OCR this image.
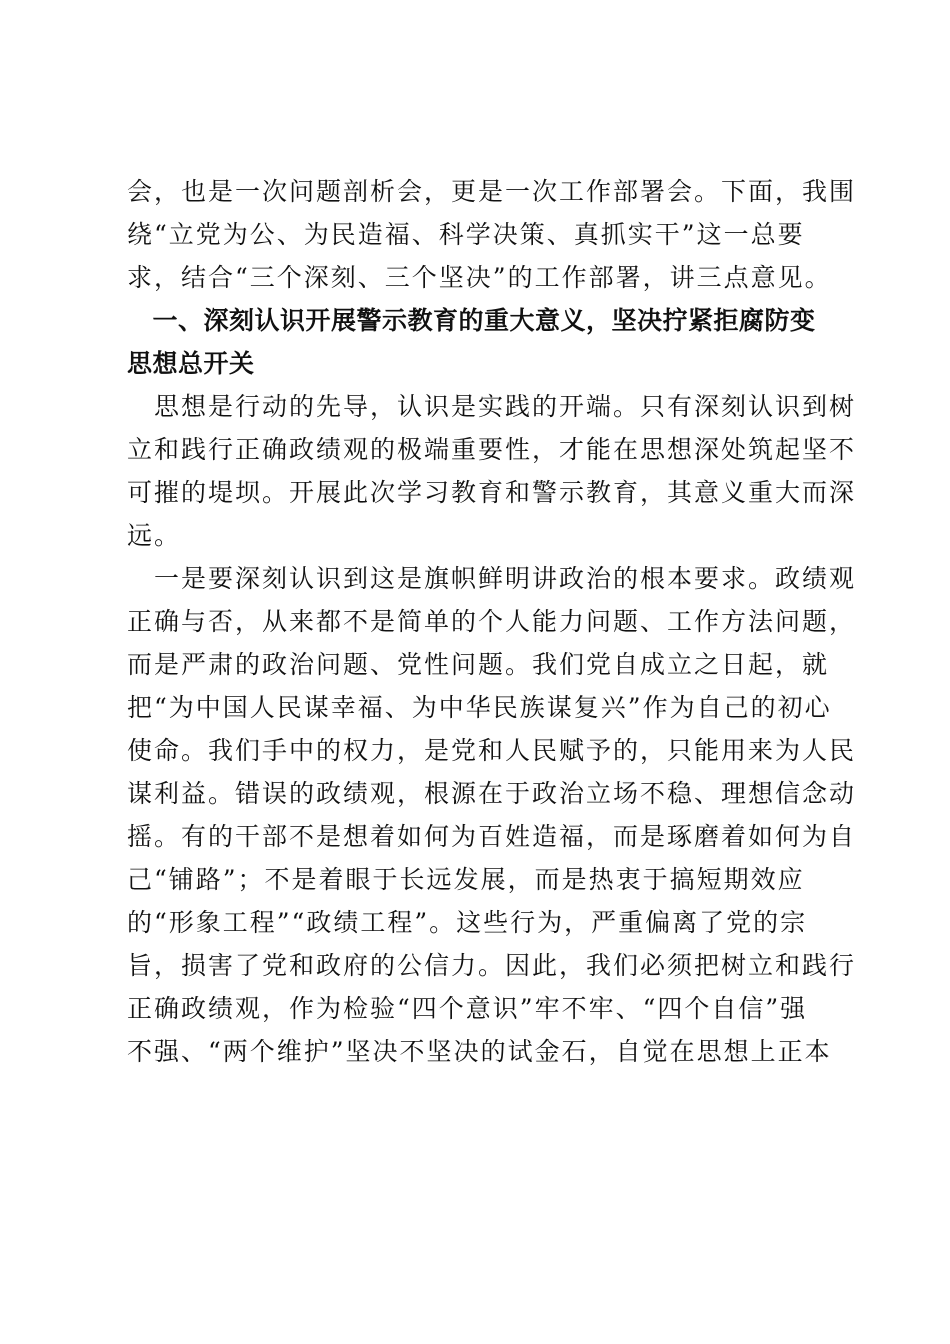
会，也是一次问题剖析会，更是一次工作部署会。下面，我围
绕“立党为公、为民造福、科学决策、真抓实干”这一总要
求，结合“三个深刻、三个坚决”的工作部署，讲三点意见。
　一、深刻认识开展警示教育的重大意义，坚决拧紧拒腐防变
思想总开关
　思想是行动的先导，认识是实践的开端。只有深刻认识到树
立和践行正确政绩观的极端重要性，才能在思想深处筑起坚不
可摧的堤坝。开展此次学习教育和警示教育，其意义重大而深
远。
　一是要深刻认识到这是旗帜鲜明讲政治的根本要求。政绩观
正确与否，从来都不是简单的个人能力问题、工作方法问题，
而是严肃的政治问题、党性问题。我们党自成立之日起，就
把“为中国人民谋幸福、为中华民族谋复兴”作为自己的初心
使命。我们手中的权力，是党和人民赋予的，只能用来为人民
谋利益。错误的政绩观，根源在于政治立场不稳、理想信念动
摇。有的干部不是想着如何为百姓造福，而是琢磨着如何为自
己“铺路”；不是着眼于长远发展，而是热衷于搞短期效应
的“形象工程”“政绩工程”。这些行为，严重偏离了党的宗
旨，损害了党和政府的公信力。因此，我们必须把树立和践行
正确政绩观，作为检验“四个意识”牢不牢、“四个自信”强
不强、“两个维护”坚决不坚决的试金石，自觉在思想上正本
